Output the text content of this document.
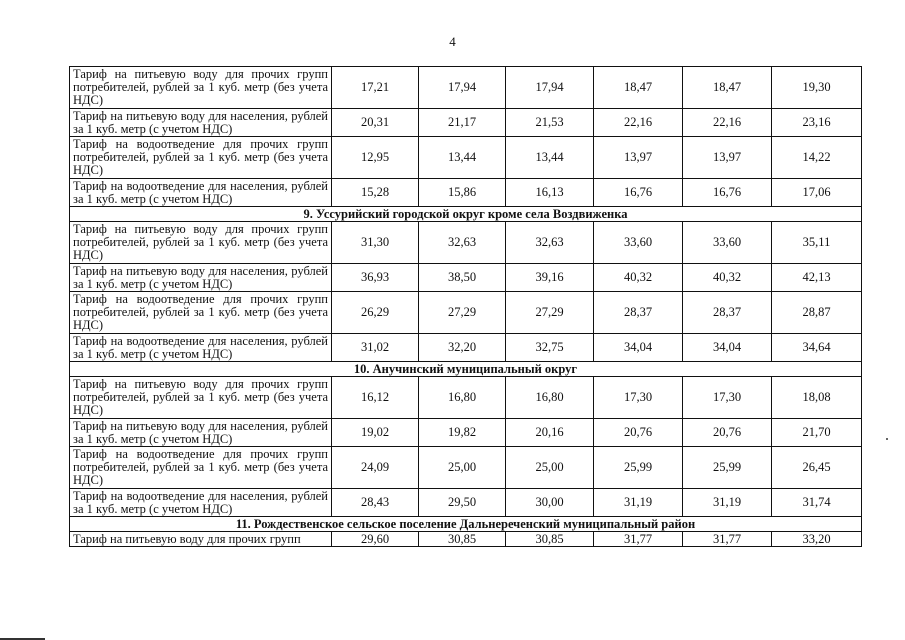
4
Тариф на питьевую воду для прочих групп потребителей, рублей за 1 куб. метр (без учета НДС)	17,21	17,94	17,94	18,47	18,47	19,30
Тариф на питьевую воду для населения, рублей за 1 куб. метр (с учетом НДС)	20,31	21,17	21,53	22,16	22,16	23,16
Тариф на водоотведение для прочих групп потребителей, рублей за 1 куб. метр (без учета НДС)	12,95	13,44	13,44	13,97	13,97	14,22
Тариф на водоотведение для населения, рублей за 1 куб. метр (с учетом НДС)	15,28	15,86	16,13	16,76	16,76	17,06
9. Уссурийский городской округ кроме села Воздвиженка						
Тариф на питьевую воду для прочих групп потребителей, рублей за 1 куб. метр (без учета НДС)	31,30	32,63	32,63	33,60	33,60	35,11
Тариф на питьевую воду для населения, рублей за 1 куб. метр (с учетом НДС)	36,93	38,50	39,16	40,32	40,32	42,13
Тариф на водоотведение для прочих групп потребителей, рублей за 1 куб. метр (без учета НДС)	26,29	27,29	27,29	28,37	28,37	28,87
Тариф на водоотведение для населения, рублей за 1 куб. метр (с учетом НДС)	31,02	32,20	32,75	34,04	34,04	34,64
10. Анучинский муниципальный округ						
Тариф на питьевую воду для прочих групп потребителей, рублей за 1 куб. метр (без учета НДС)	16,12	16,80	16,80	17,30	17,30	18,08
Тариф на питьевую воду для населения, рублей за 1 куб. метр (с учетом НДС)	19,02	19,82	20,16	20,76	20,76	21,70
Тариф на водоотведение для прочих групп потребителей, рублей за 1 куб. метр (без учета НДС)	24,09	25,00	25,00	25,99	25,99	26,45
Тариф на водоотведение для населения, рублей за 1 куб. метр (с учетом НДС)	28,43	29,50	30,00	31,19	31,19	31,74
11. Рождественское сельское поселение Дальнереченский муниципальный район						
Тариф на питьевую воду для прочих групп	29,60	30,85	30,85	31,77	31,77	33,20
